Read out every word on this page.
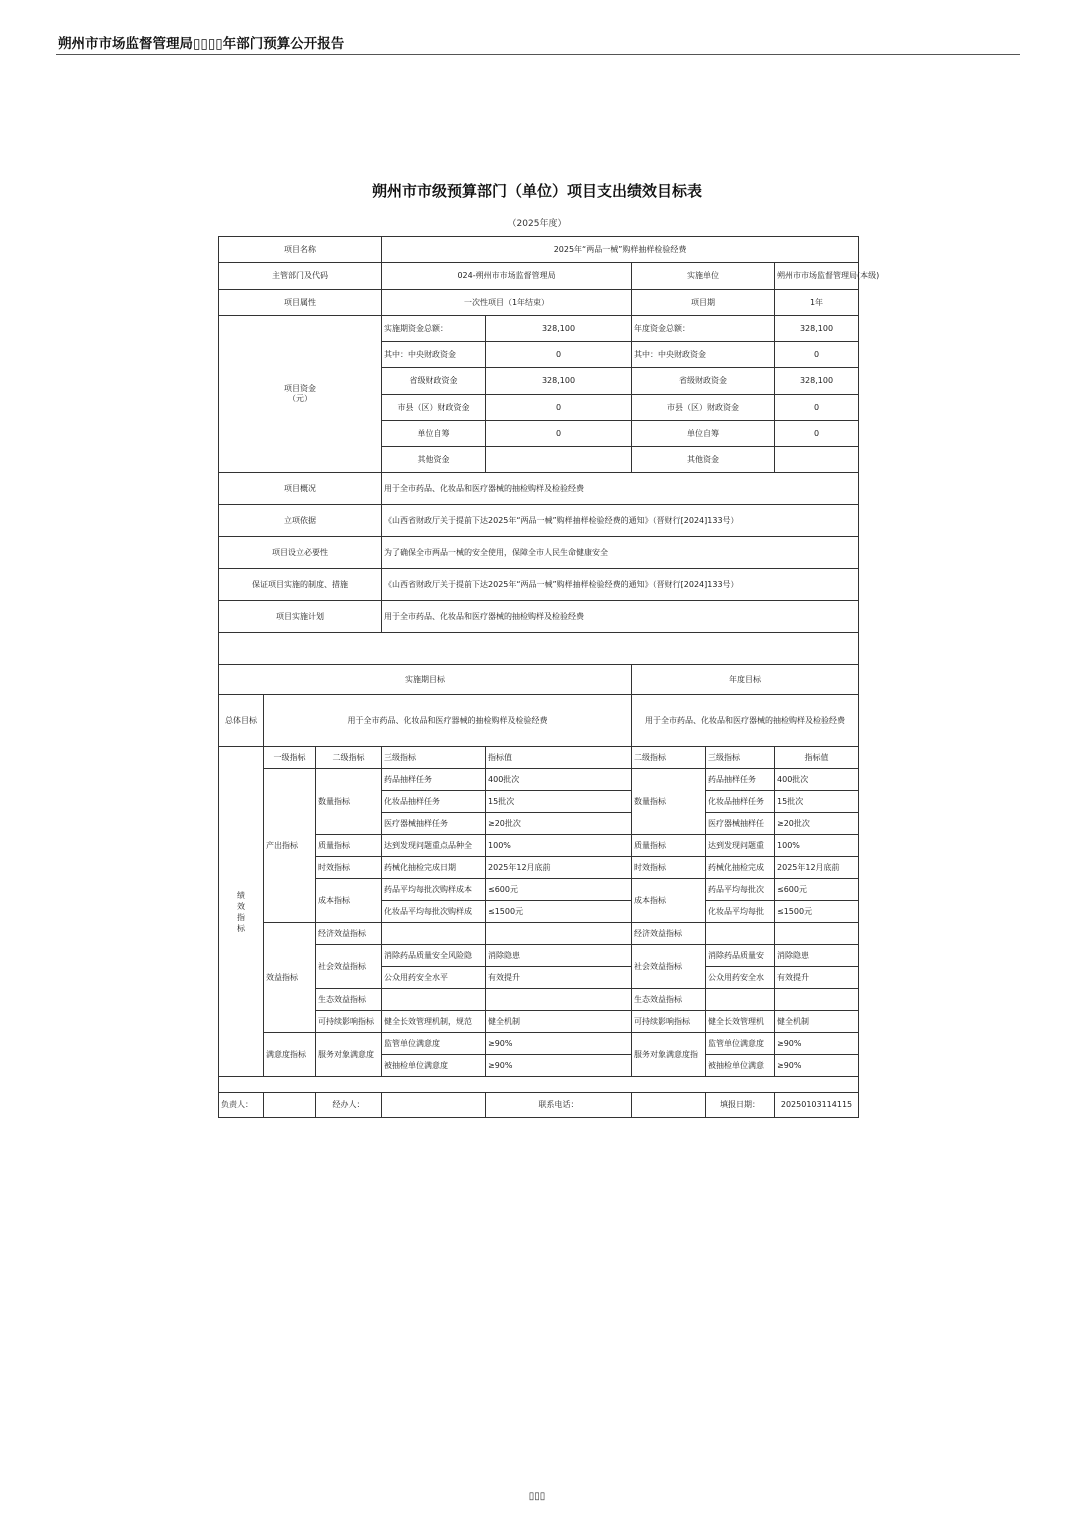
朔州市市场监督管理局▯▯▯▯年部门预算公开报告
朔州市市级预算部门（单位）项目支出绩效目标表
（2025年度）
项目名称			2025年“两品一械”购样抽样检验经费				
主管部门及代码			024-朔州市市场监督管理局		实施单位		朔州市市场监督管理局(本级)
项目属性			一次性项目（1年结束）		项目期		1年
项目资金
（元）			实施期资金总额：	328,100	年度资金总额：		328,100
			其中：中央财政资金	0	其中：中央财政资金		0
			省级财政资金	328,100	省级财政资金		328,100
			市县（区）财政资金	0	市县（区）财政资金		0
			单位自筹	0	单位自筹		0
			其他资金		其他资金		
项目概况			用于全市药品、化妆品和医疗器械的抽检购样及检验经费				
立项依据			《山西省财政厅关于提前下达2025年“两品一械”购样抽样检验经费的通知》（晋财行[2024]133号）				
项目设立必要性			为了确保全市两品一械的安全使用，保障全市人民生命健康安全				
保证项目实施的制度、措施			《山西省财政厅关于提前下达2025年“两品一械”购样抽样检验经费的通知》（晋财行[2024]133号）				
项目实施计划			用于全市药品、化妆品和医疗器械的抽检购样及检验经费				

实施期目标					年度目标		
总体目标	用于全市药品、化妆品和医疗器械的抽检购样及检验经费				用于全市药品、化妆品和医疗器械的抽检购样及检验经费		
绩效指标	一级指标	二级指标	三级指标	指标值	二级指标	三级指标	指标值
	产出指标	数量指标	药品抽样任务	400批次	数量指标	药品抽样任务	400批次
			化妆品抽样任务	15批次		化妆品抽样任务	15批次
			医疗器械抽样任务	≥20批次		医疗器械抽样任	≥20批次
		质量指标	达到发现问题重点品种全	100%	质量指标	达到发现问题重	100%
		时效指标	药械化抽检完成日期	2025年12月底前	时效指标	药械化抽检完成	2025年12月底前
		成本指标	药品平均每批次购样成本	≤600元	成本指标	药品平均每批次	≤600元
			化妆品平均每批次购样成	≤1500元		化妆品平均每批	≤1500元
	效益指标	经济效益指标			经济效益指标		
		社会效益指标	消除药品质量安全风险隐	消除隐患	社会效益指标	消除药品质量安	消除隐患
			公众用药安全水平	有效提升		公众用药安全水	有效提升
		生态效益指标			生态效益指标		
		可持续影响指标	健全长效管理机制，规范	健全机制	可持续影响指标	健全长效管理机	健全机制
	满意度指标	服务对象满意度	监管单位满意度	≥90%	服务对象满意度指	监管单位满意度	≥90%
			被抽检单位满意度	≥90%		被抽检单位满意	≥90%

负责人：		经办人：		联系电话：		填报日期：	20250103114115
▯▯▯
